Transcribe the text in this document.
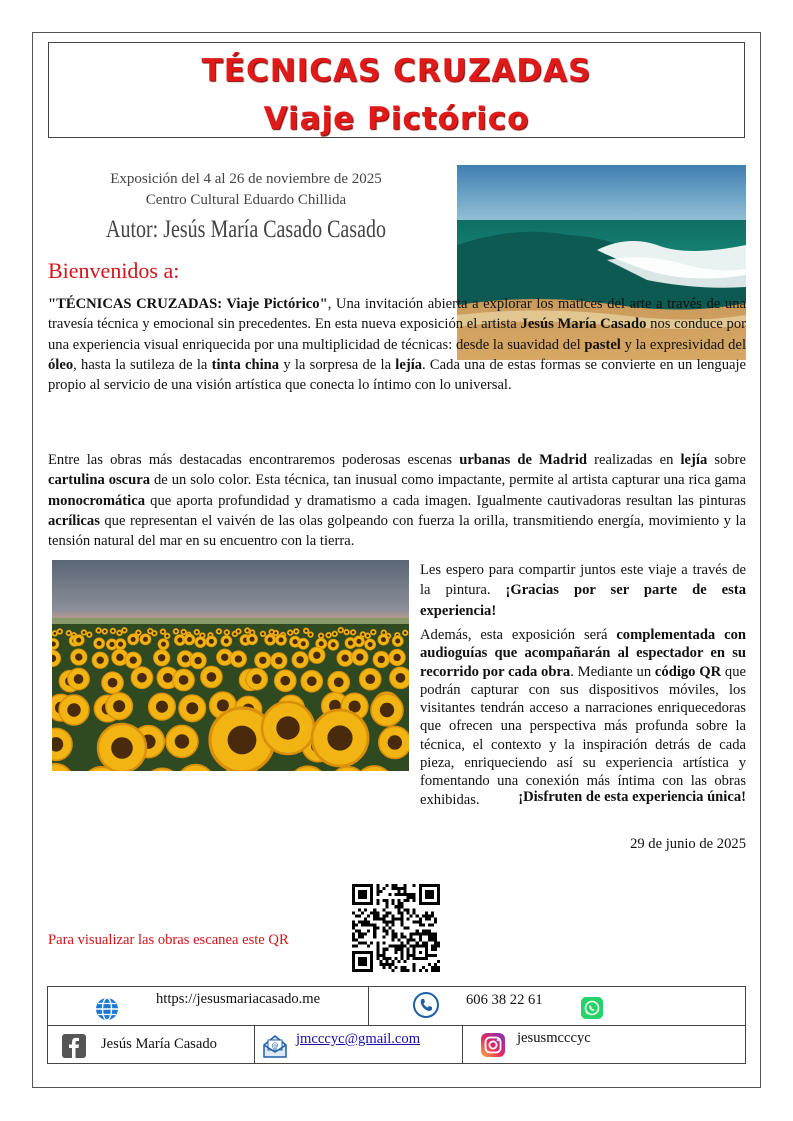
TÉCNICAS CRUZADAS
Viaje Pictórico
Exposición del 4 al 26 de noviembre de 2025
Centro Cultural Eduardo Chillida
Autor: Jesús María Casado Casado
Bienvenidos a:
"TÉCNICAS CRUZADAS: Viaje Pictórico", Una invitación abierta a explorar los matices del arte a través de una travesía técnica y emocional sin precedentes. En esta nueva exposición el artista Jesús María Casado nos conduce por una experiencia visual enriquecida por una multiplicidad de técnicas: desde la suavidad del pastel y la expresividad del óleo, hasta la sutileza de la tinta china y la sorpresa de la lejía. Cada una de estas formas se convierte en un lenguaje propio al servicio de una visión artística que conecta lo íntimo con lo universal.
Entre las obras más destacadas encontraremos poderosas escenas urbanas de Madrid realizadas en lejía sobre cartulina oscura de un solo color. Esta técnica, tan inusual como impactante, permite al artista capturar una rica gama monocromática que aporta profundidad y dramatismo a cada imagen. Igualmente cautivadoras resultan las pinturas acrílicas que representan el vaivén de las olas golpeando con fuerza la orilla, transmitiendo energía, movimiento y la tensión natural del mar en su encuentro con la tierra.
Les espero para compartir juntos este viaje a través de la pintura. ¡Gracias por ser parte de esta experiencia!
Además, esta exposición será complementada con audioguías que acompañarán al espectador en su recorrido por cada obra. Mediante un código QR que podrán capturar con sus dispositivos móviles, los visitantes tendrán acceso a narraciones enriquecedoras que ofrecen una perspectiva más profunda sobre la técnica, el contexto y la inspiración detrás de cada pieza, enriqueciendo así su experiencia artística y fomentando una conexión más íntima con las obras exhibidas.	¡Disfruten de esta experiencia única!
29 de junio de 2025
Para visualizar las obras escanea este QR
https://jesusmariacasado.me	606 38 22 61
Jesús María Casado	@ jmcccyc@gmail.com	jesusmcccyc
